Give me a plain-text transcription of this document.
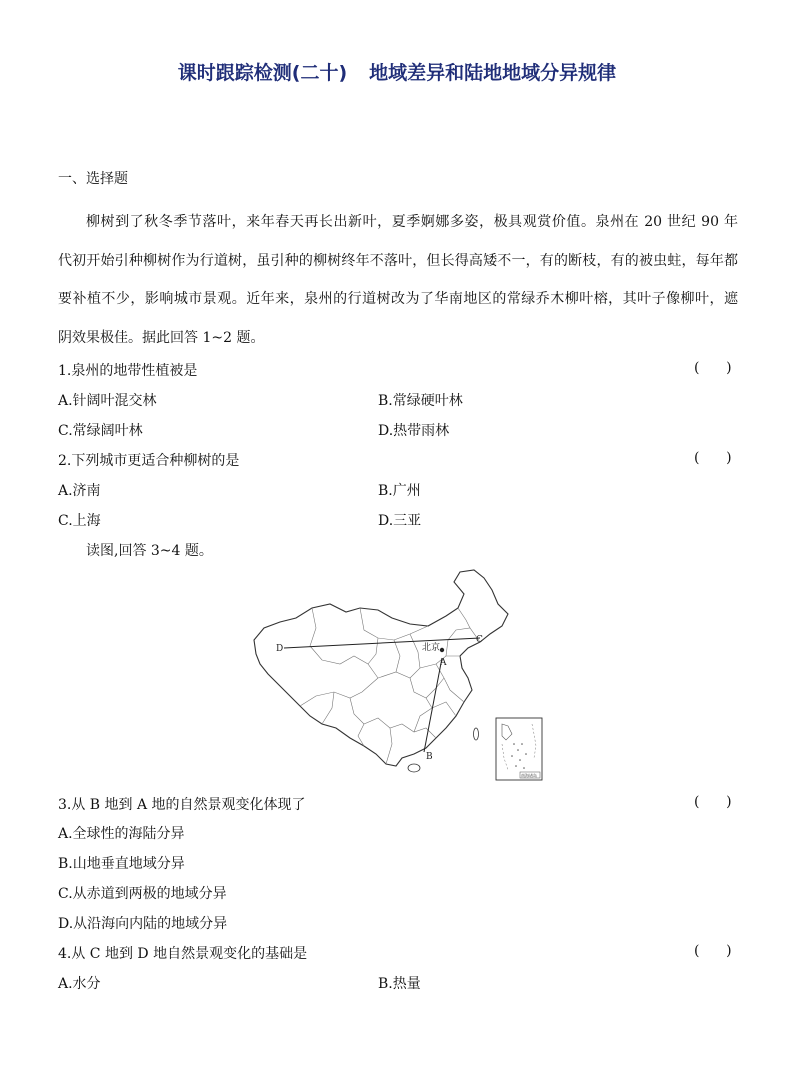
课时跟踪检测(二十) 地域差异和陆地地域分异规律
一、选择题
柳树到了秋冬季节落叶，来年春天再长出新叶，夏季婀娜多姿，极具观赏价值。泉州在 20 世纪 90 年
代初开始引种柳树作为行道树，虽引种的柳树终年不落叶，但长得高矮不一，有的断枝，有的被虫蛀，每年都
要补植不少，影响城市景观。近年来，泉州的行道树改为了华南地区的常绿乔木柳叶榕，其叶子像柳叶，遮
阴效果极佳。据此回答 1~2 题。
1.泉州的地带性植被是	(      )
A.针阔叶混交林	B.常绿硬叶林
C.常绿阔叶林	D.热带雨林
2.下列城市更适合种柳树的是	(      )
A.济南	B.广州
C.上海	D.三亚
读图,回答 3~4 题。
北京
A
B
C
D
南海诸岛
3.从 B 地到 A 地的自然景观变化体现了	(      )
A.全球性的海陆分异
B.山地垂直地域分异
C.从赤道到两极的地域分异
D.从沿海向内陆的地域分异
4.从 C 地到 D 地自然景观变化的基础是	(      )
A.水分	B.热量
